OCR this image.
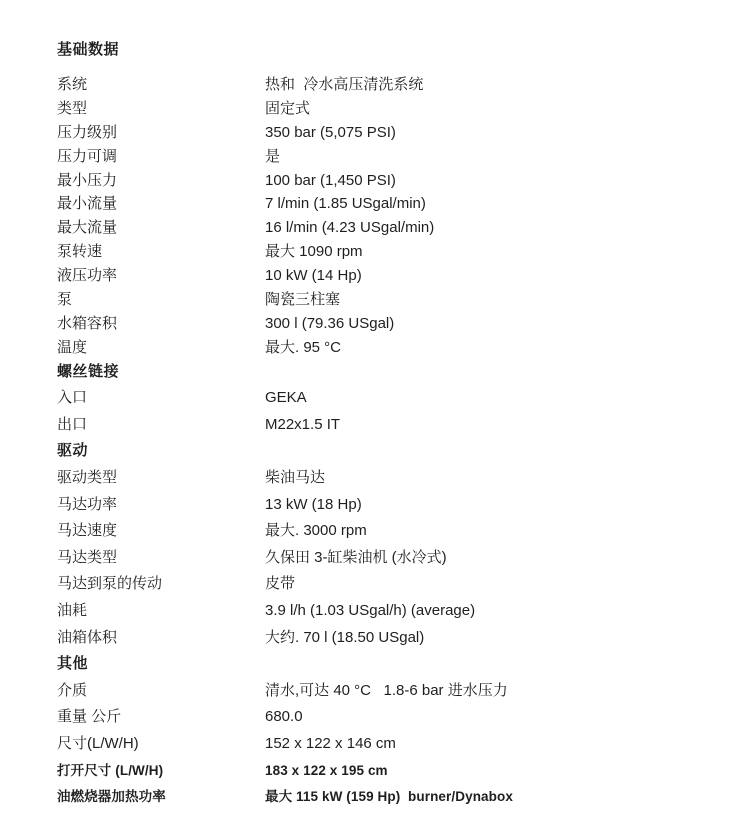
基础数据
系统	热和  冷水高压清洗系统
类型	固定式
压力级别	350 bar (5,075 PSI)
压力可调	是
最小压力	100 bar (1,450 PSI)
最小流量	7 l/min (1.85 USgal/min)
最大流量	16 l/min (4.23 USgal/min)
泵转速	最大 1090 rpm
液压功率	10 kW (14 Hp)
泵	陶瓷三柱塞
水箱容积	300 l (79.36 USgal)
温度	最大. 95 °C
螺丝链接
入口	GEKA
出口	M22x1.5 IT
驱动
驱动类型	柴油马达
马达功率	13 kW (18 Hp)
马达速度	最大. 3000 rpm
马达类型	久保田 3-缸柴油机 (水冷式)
马达到泵的传动	皮带
油耗	3.9 l/h (1.03 USgal/h) (average)
油箱体积	大约. 70 l (18.50 USgal)
其他
介质	清水,可达 40 °C   1.8-6 bar 进水压力
重量 公斤	680.0
尺寸(L/W/H)	152 x 122 x 146 cm
打开尺寸 (L/W/H)	183 x 122 x 195 cm
油燃烧器加热功率	最大 115 kW (159 Hp)  burner/Dynabox
